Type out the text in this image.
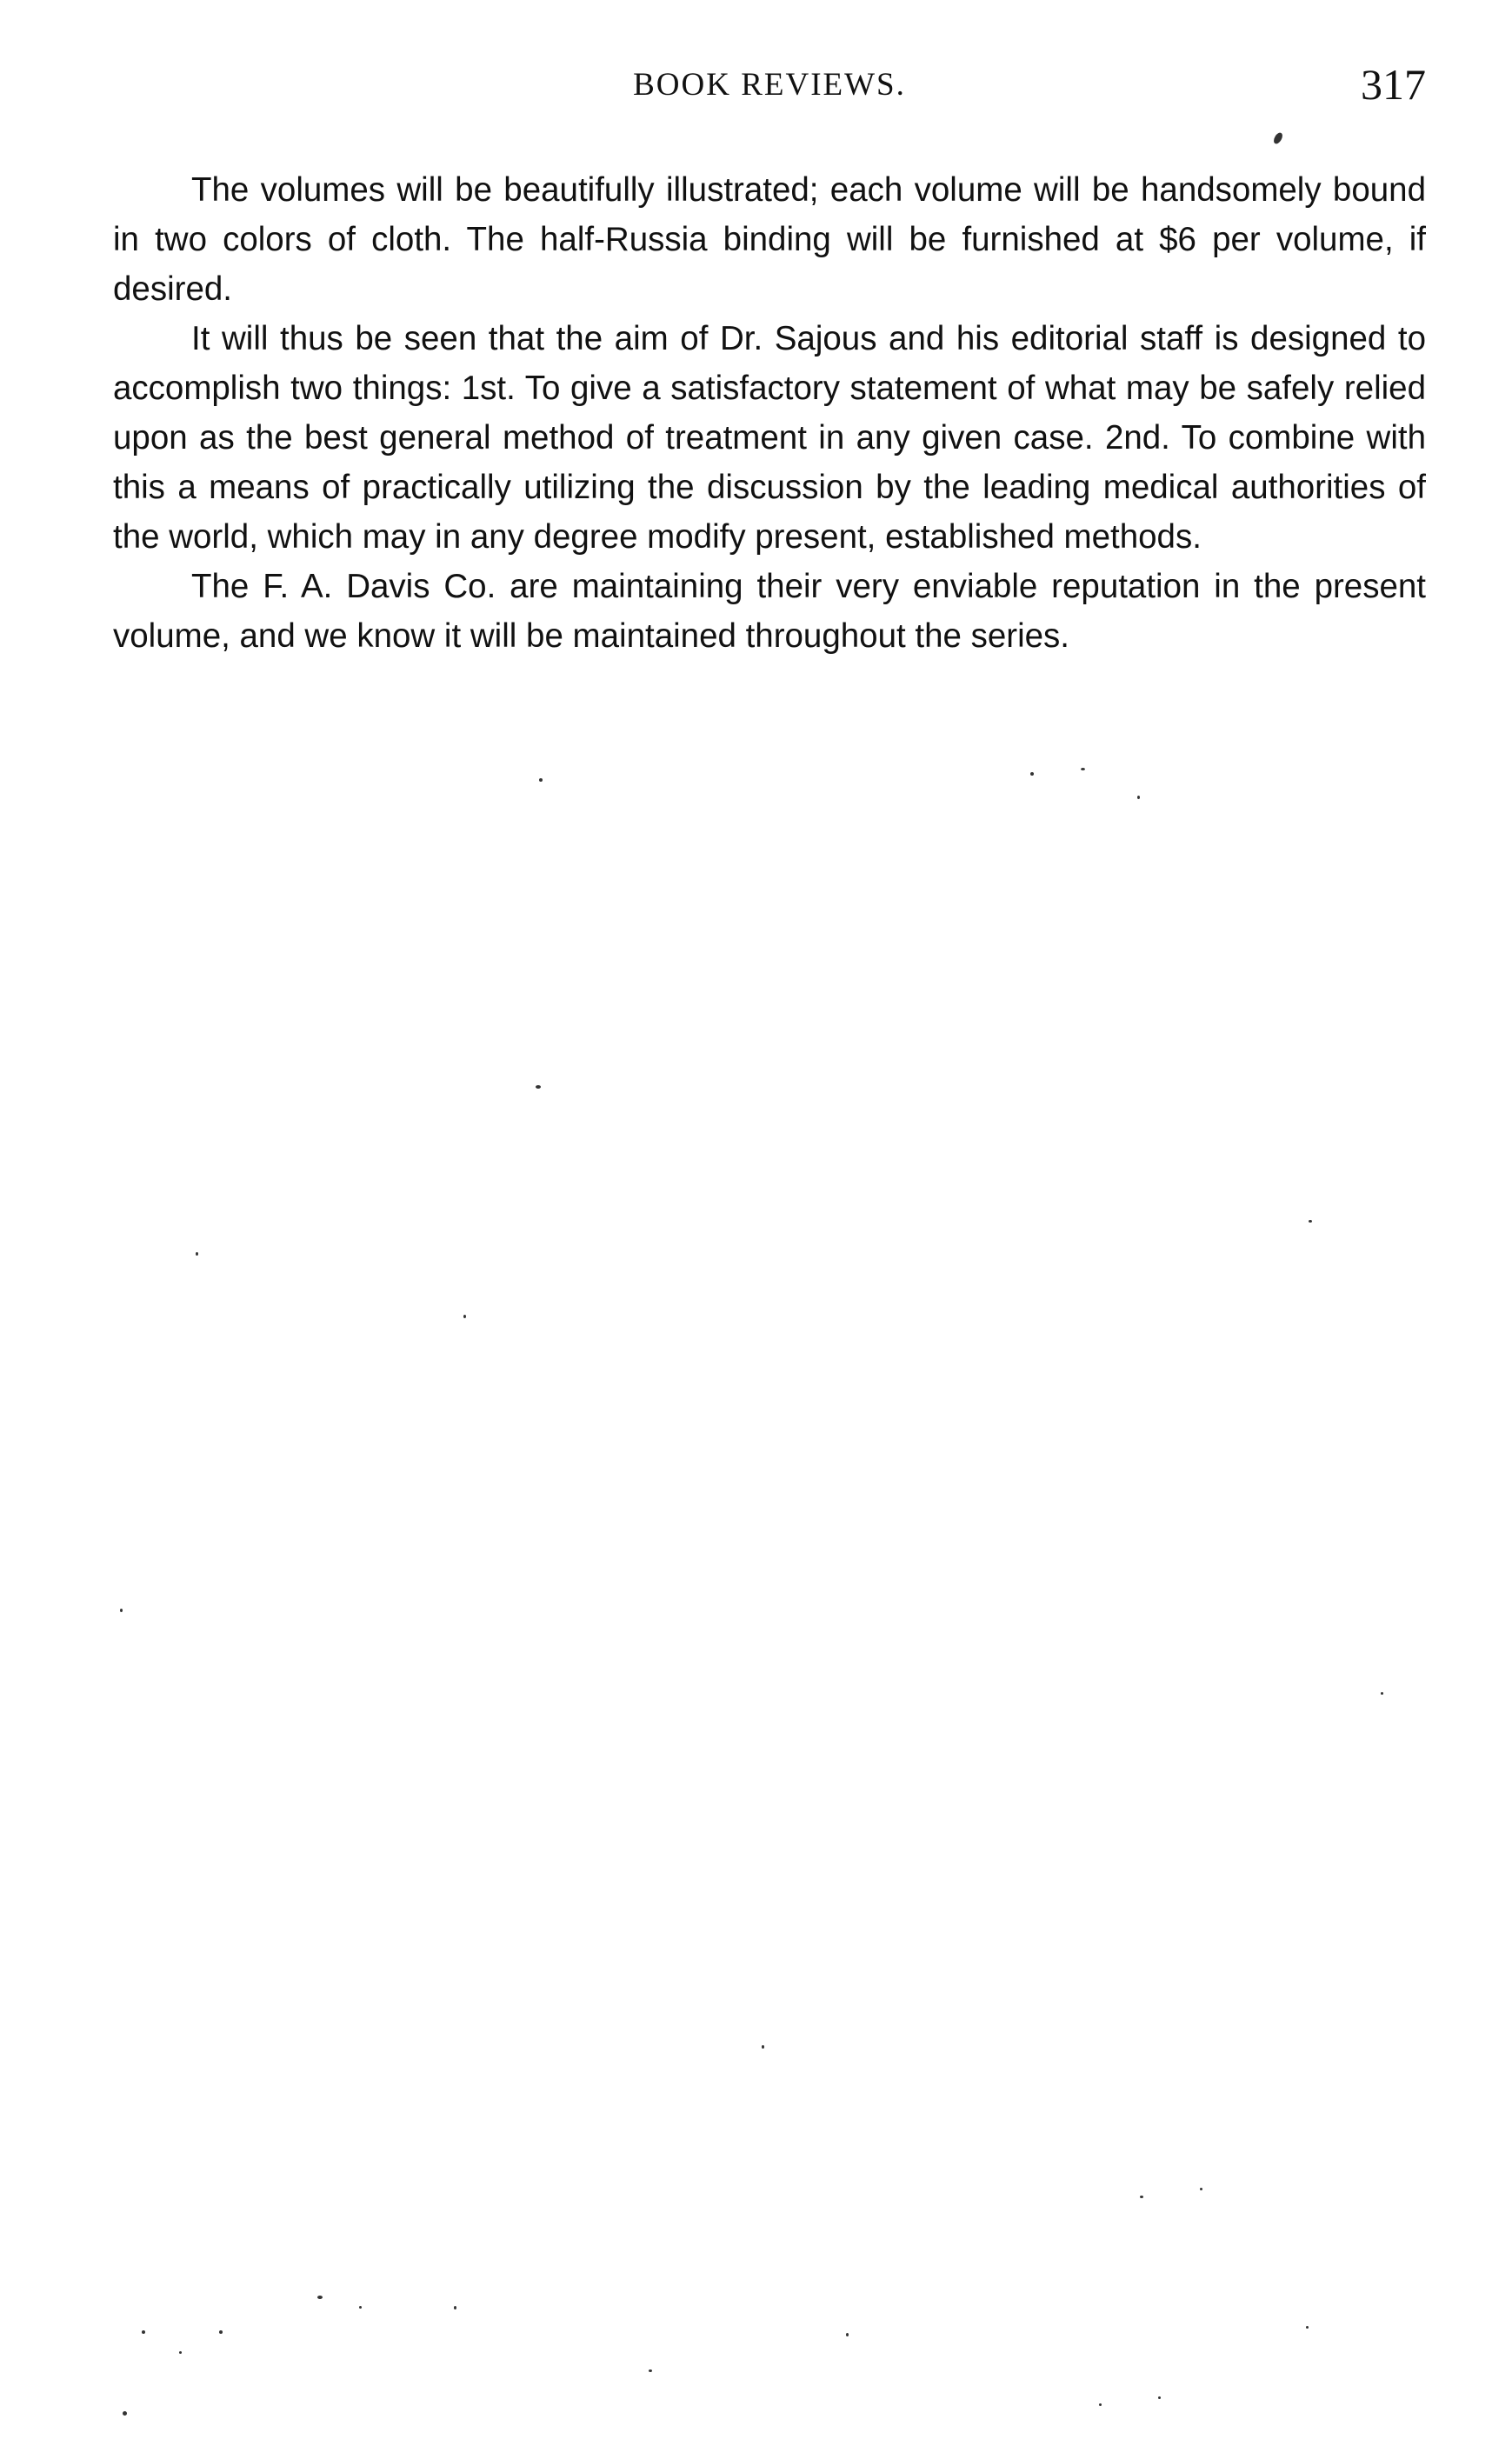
BOOK REVIEWS.	317

The volumes will be beautifully illustrated; each volume will be handsomely bound in two colors of cloth. The half-Russia binding will be furnished at $6 per volume, if desired.

It will thus be seen that the aim of Dr. Sajous and his editorial staff is designed to accomplish two things: 1st. To give a satisfactory statement of what may be safely relied upon as the best general method of treatment in any given case. 2nd. To combine with this a means of practically utilizing the discussion by the leading medical authorities of the world, which may in any degree modify present, established methods.

The F. A. Davis Co. are maintaining their very enviable reputation in the present volume, and we know it will be maintained throughout the series.
